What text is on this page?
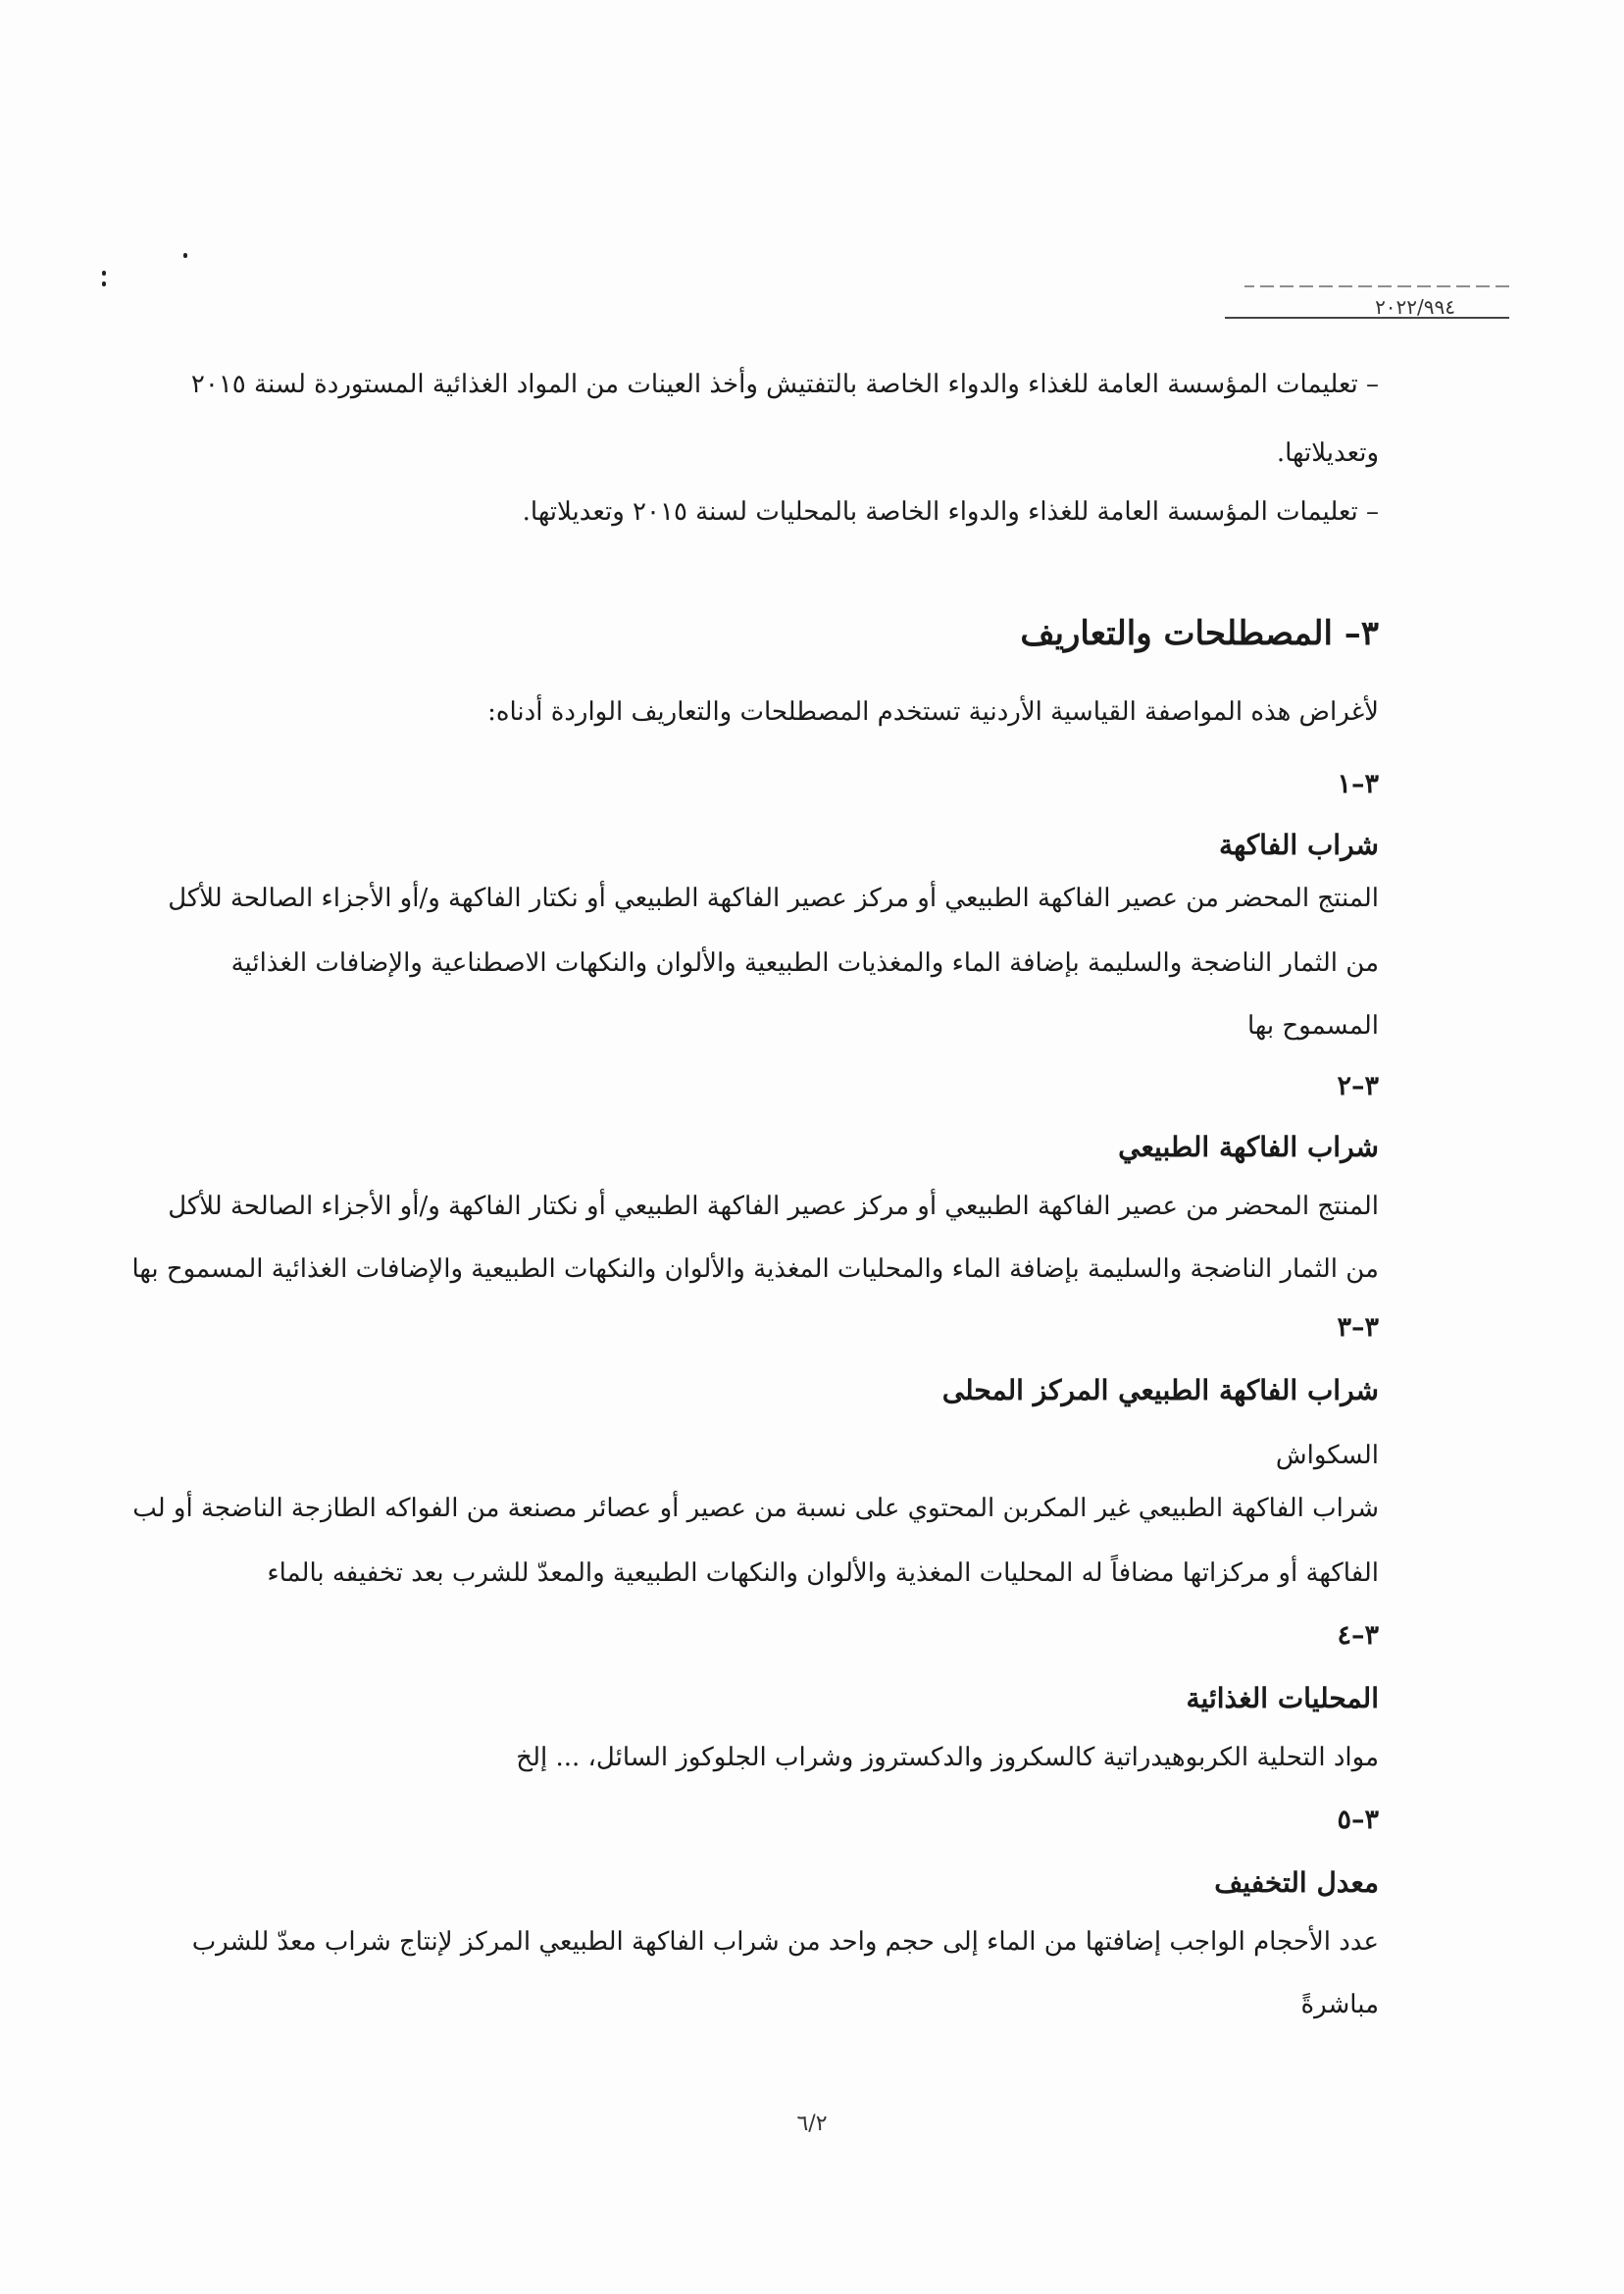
٢٠٢٢/٩٩٤
– تعليمات المؤسسة العامة للغذاء والدواء الخاصة بالتفتيش وأخذ العينات من المواد الغذائية المستوردة لسنة ٢٠١٥
وتعديلاتها.
– تعليمات المؤسسة العامة للغذاء والدواء الخاصة بالمحليات لسنة ٢٠١٥ وتعديلاتها.
٣– المصطلحات والتعاريف
لأغراض هذه المواصفة القياسية الأردنية تستخدم المصطلحات والتعاريف الواردة أدناه:
٣–١
شراب الفاكهة
المنتج المحضر من عصير الفاكهة الطبيعي أو مركز عصير الفاكهة الطبيعي أو نكتار الفاكهة و/أو الأجزاء الصالحة للأكل
من الثمار الناضجة والسليمة بإضافة الماء والمغذيات الطبيعية والألوان والنكهات الاصطناعية والإضافات الغذائية
المسموح بها
٣–٢
شراب الفاكهة الطبيعي
المنتج المحضر من عصير الفاكهة الطبيعي أو مركز عصير الفاكهة الطبيعي أو نكتار الفاكهة و/أو الأجزاء الصالحة للأكل
من الثمار الناضجة والسليمة بإضافة الماء والمحليات المغذية والألوان والنكهات الطبيعية والإضافات الغذائية المسموح بها
٣–٣
شراب الفاكهة الطبيعي المركز المحلى
السكواش
شراب الفاكهة الطبيعي غير المكربن المحتوي على نسبة من عصير أو عصائر مصنعة من الفواكه الطازجة الناضجة أو لب
الفاكهة أو مركزاتها مضافاً له المحليات المغذية والألوان والنكهات الطبيعية والمعدّ للشرب بعد تخفيفه بالماء
٣–٤
المحليات الغذائية
مواد التحلية الكربوهيدراتية كالسكروز والدكستروز وشراب الجلوكوز السائل، ... إلخ
٣–٥
معدل التخفيف
عدد الأحجام الواجب إضافتها من الماء إلى حجم واحد من شراب الفاكهة الطبيعي المركز لإنتاج شراب معدّ للشرب
مباشرةً
٦/٢
